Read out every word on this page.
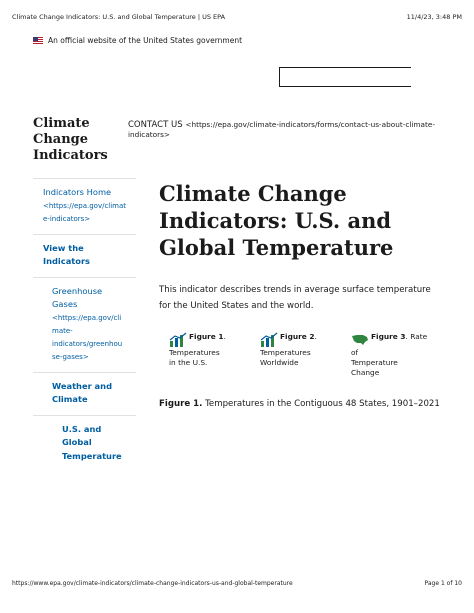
Climate Change Indicators: U.S. and Global Temperature | US EPA	11/4/23, 3:48 PM
An official website of the United States government
Climate
Change
Indicators
CONTACT US <https://epa.gov/climate-indicators/forms/contact-us-about-climate-indicators>
Indicators Home
<https://epa.gov/climat
e-indicators>
View the
Indicators
Greenhouse
Gases
<https://epa.gov/cli
mate-
indicators/greenhou
se-gases>
Weather and
Climate
U.S. and
Global
Temperature
Climate Change
Indicators: U.S. and
Global Temperature
This indicator describes trends in average surface temperature
for the United States and the world.
Figure 1.
Temperatures
in the U.S.
Figure 2.
Temperatures
Worldwide
Figure 3. Rate
of
Temperature
Change
Figure 1. Temperatures in the Contiguous 48 States, 1901–2021
https://www.epa.gov/climate-indicators/climate-change-indicators-us-and-global-temperature	Page 1 of 10
